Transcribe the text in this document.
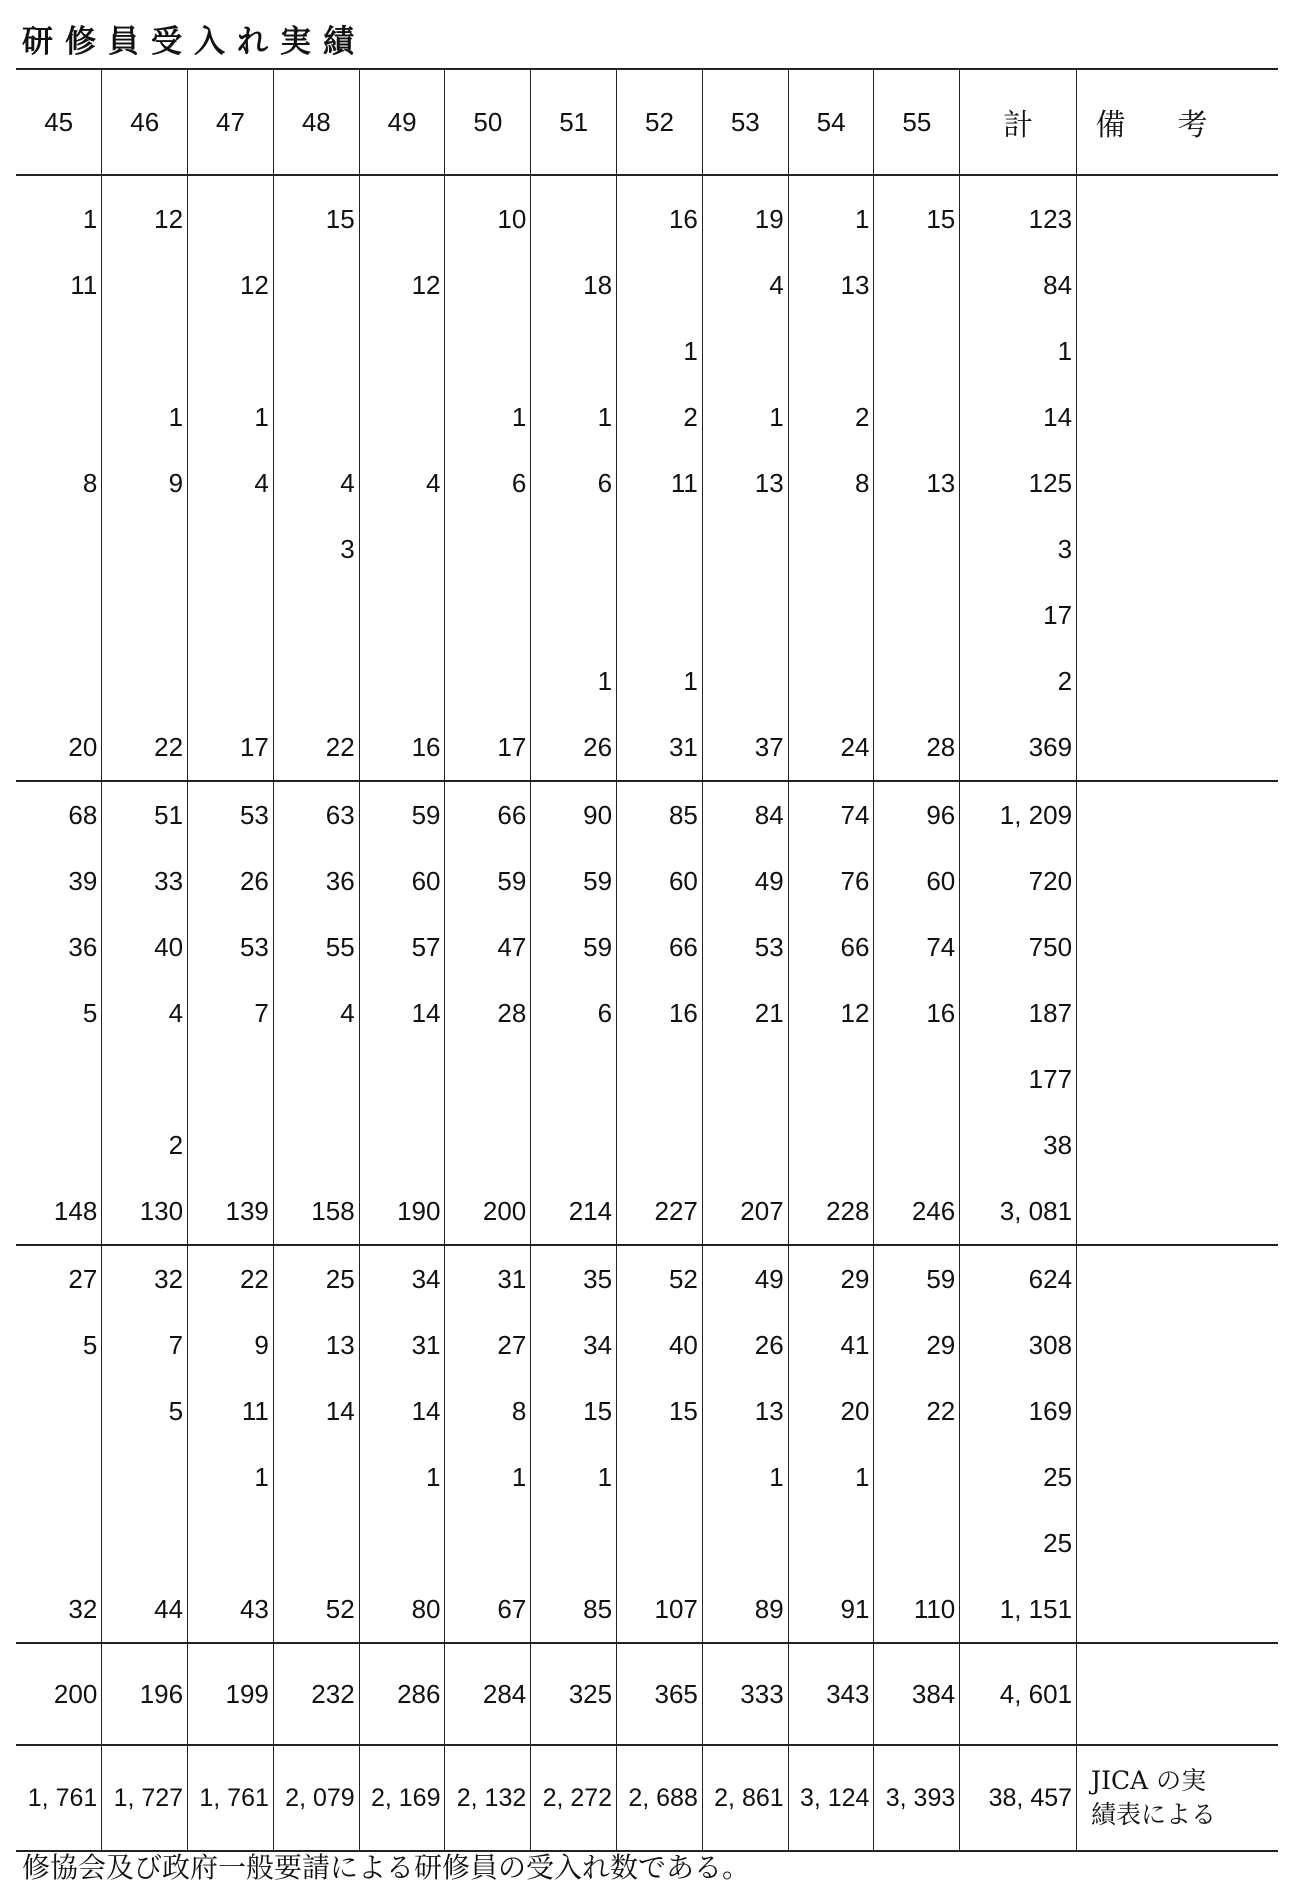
研修員受入れ実績
45	46	47	48	49	50	51	52	53	54	55	計	備考
1	12		15		10		16	19	1	15	123	
11		12		12		18		4	13		84	
							1				1	
	1	1			1	1	2	1	2		14	
8	9	4	4	4	6	6	11	13	8	13	125	
			3								3	
											17	
						1	1				2	
20	22	17	22	16	17	26	31	37	24	28	369	
68	51	53	63	59	66	90	85	84	74	96	1, 209	
39	33	26	36	60	59	59	60	49	76	60	720	
36	40	53	55	57	47	59	66	53	66	74	750	
5	4	7	4	14	28	6	16	21	12	16	187	
											177	
	2										38	
148	130	139	158	190	200	214	227	207	228	246	3, 081	
27	32	22	25	34	31	35	52	49	29	59	624	
5	7	9	13	31	27	34	40	26	41	29	308	
	5	11	14	14	8	15	15	13	20	22	169	
		1		1	1	1		1	1		25	
											25	
32	44	43	52	80	67	85	107	89	91	110	1, 151	
200	196	199	232	286	284	325	365	333	343	384	4, 601	
1, 761	1, 727	1, 761	2, 079	2, 169	2, 132	2, 272	2, 688	2, 861	3, 124	3, 393	38, 457	JICA の実
績表による
修協会及び政府一般要請による研修員の受入れ数である。
